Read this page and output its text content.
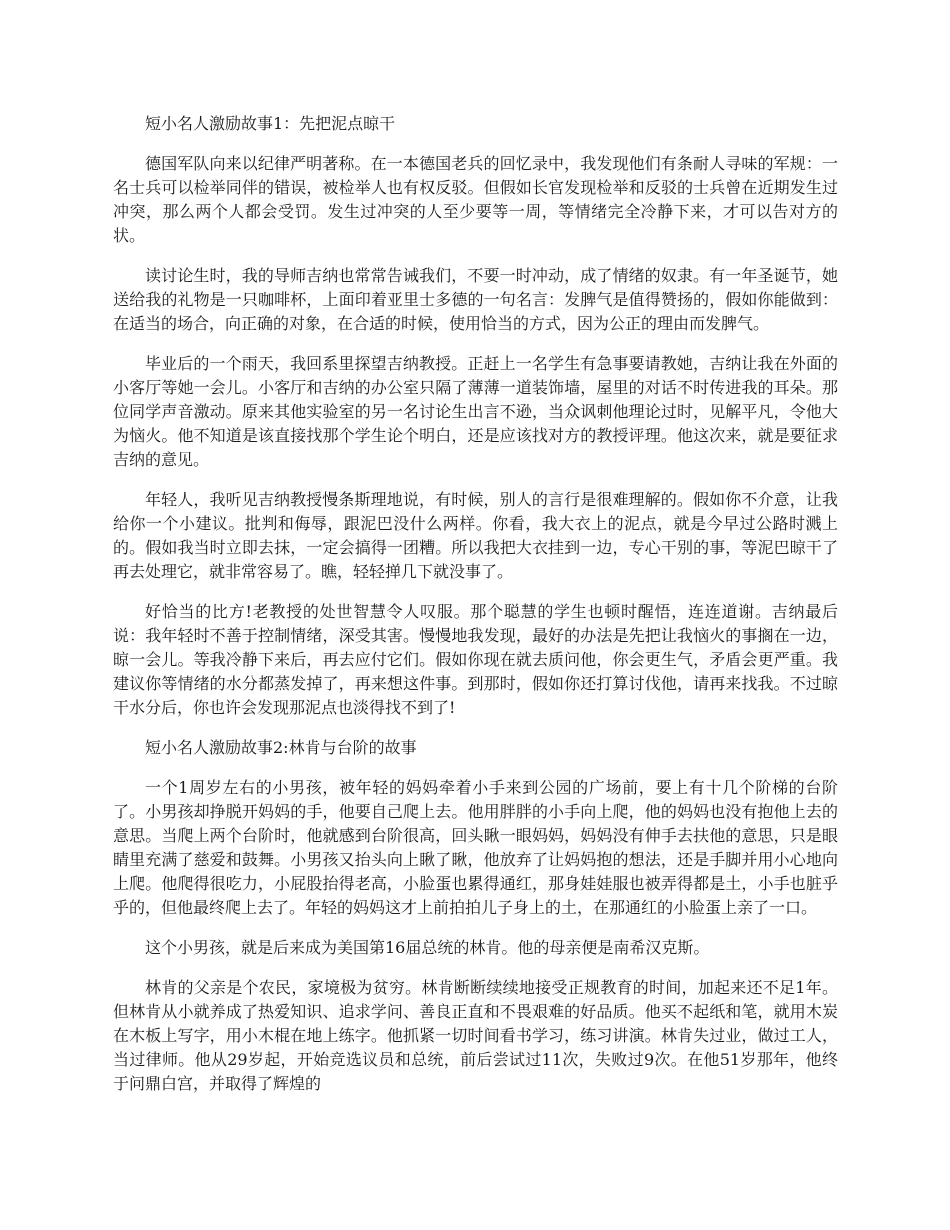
短小名人激励故事1：先把泥点晾干

德国军队向来以纪律严明著称。在一本德国老兵的回忆录中，我发现他们有条耐人寻味的军规：一名士兵可以检举同伴的错误，被检举人也有权反驳。但假如长官发现检举和反驳的士兵曾在近期发生过冲突，那么两个人都会受罚。发生过冲突的人至少要等一周，等情绪完全冷静下来，才可以告对方的状。

读讨论生时，我的导师吉纳也常常告诫我们，不要一时冲动，成了情绪的奴隶。有一年圣诞节，她送给我的礼物是一只咖啡杯，上面印着亚里士多德的一句名言：发脾气是值得赞扬的，假如你能做到：在适当的场合，向正确的对象，在合适的时候，使用恰当的方式，因为公正的理由而发脾气。

毕业后的一个雨天，我回系里探望吉纳教授。正赶上一名学生有急事要请教她，吉纳让我在外面的小客厅等她一会儿。小客厅和吉纳的办公室只隔了薄薄一道装饰墙，屋里的对话不时传进我的耳朵。那位同学声音激动。原来其他实验室的另一名讨论生出言不逊，当众讽刺他理论过时，见解平凡，令他大为恼火。他不知道是该直接找那个学生论个明白，还是应该找对方的教授评理。他这次来，就是要征求吉纳的意见。

年轻人，我听见吉纳教授慢条斯理地说，有时候，别人的言行是很难理解的。假如你不介意，让我给你一个小建议。批判和侮辱，跟泥巴没什么两样。你看，我大衣上的泥点，就是今早过公路时溅上的。假如我当时立即去抹，一定会搞得一团糟。所以我把大衣挂到一边，专心干别的事，等泥巴晾干了再去处理它，就非常容易了。瞧，轻轻掸几下就没事了。

好恰当的比方!老教授的处世智慧令人叹服。那个聪慧的学生也顿时醒悟，连连道谢。吉纳最后说：我年轻时不善于控制情绪，深受其害。慢慢地我发现，最好的办法是先把让我恼火的事搁在一边，晾一会儿。等我冷静下来后，再去应付它们。假如你现在就去质问他，你会更生气，矛盾会更严重。我建议你等情绪的水分都蒸发掉了，再来想这件事。到那时，假如你还打算讨伐他，请再来找我。不过晾干水分后，你也许会发现那泥点也淡得找不到了!

短小名人激励故事2:林肯与台阶的故事

一个1周岁左右的小男孩，被年轻的妈妈牵着小手来到公园的广场前，要上有十几个阶梯的台阶了。小男孩却挣脱开妈妈的手，他要自己爬上去。他用胖胖的小手向上爬，他的妈妈也没有抱他上去的意思。当爬上两个台阶时，他就感到台阶很高，回头瞅一眼妈妈，妈妈没有伸手去扶他的意思，只是眼睛里充满了慈爱和鼓舞。小男孩又抬头向上瞅了瞅，他放弃了让妈妈抱的想法，还是手脚并用小心地向上爬。他爬得很吃力，小屁股抬得老高，小脸蛋也累得通红，那身娃娃服也被弄得都是土，小手也脏乎乎的，但他最终爬上去了。年轻的妈妈这才上前拍拍儿子身上的土，在那通红的小脸蛋上亲了一口。

这个小男孩，就是后来成为美国第16届总统的林肯。他的母亲便是南希汉克斯。

林肯的父亲是个农民，家境极为贫穷。林肯断断续续地接受正规教育的时间，加起来还不足1年。但林肯从小就养成了热爱知识、追求学问、善良正直和不畏艰难的好品质。他买不起纸和笔，就用木炭在木板上写字，用小木棍在地上练字。他抓紧一切时间看书学习，练习讲演。林肯失过业，做过工人，当过律师。他从29岁起，开始竞选议员和总统，前后尝试过11次，失败过9次。在他51岁那年，他终于问鼎白宫，并取得了辉煌的
